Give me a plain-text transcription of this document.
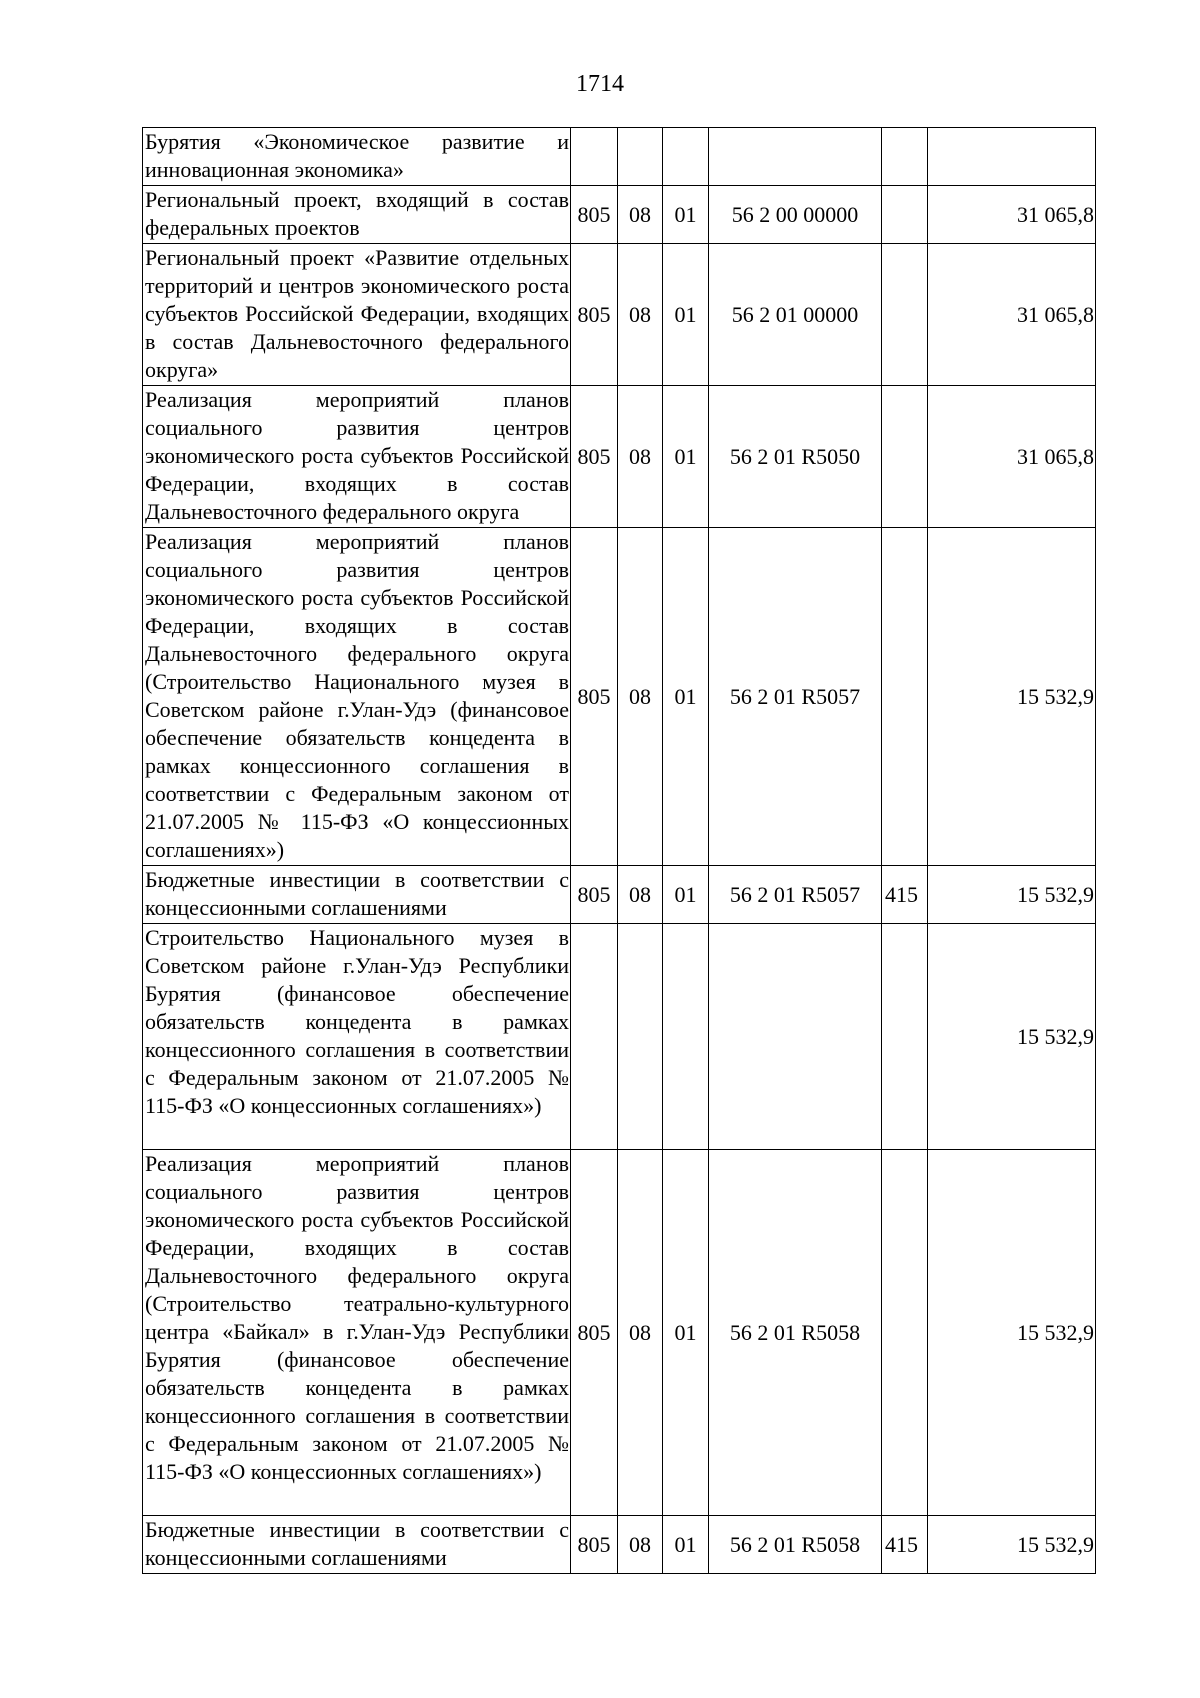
1714
Бурятия «Экономическое развитие и инновационная экономика»						
Региональный проект, входящий в состав федеральных проектов	805	08	01	56 2 00 00000		31 065,8
Региональный проект «Развитие отдельных территорий и центров экономического роста субъектов Российской Федерации, входящих в состав Дальневосточного федерального округа»	805	08	01	56 2 01 00000		31 065,8
Реализация мероприятий планов социального развития центров экономического роста субъектов Российской Федерации, входящих в состав Дальневосточного федерального округа	805	08	01	56 2 01 R5050		31 065,8
Реализация мероприятий планов социального развития центров экономического роста субъектов Российской Федерации, входящих в состав Дальневосточного федерального округа (Строительство Национального музея в Советском районе г.Улан-Удэ (финансовое обеспечение обязательств концедента в рамках концессионного соглашения в соответствии с Федеральным законом от 21.07.2005 № 115-ФЗ «О концессионных соглашениях»)	805	08	01	56 2 01 R5057		15 532,9
Бюджетные инвестиции в соответствии с концессионными соглашениями	805	08	01	56 2 01 R5057	415	15 532,9
Строительство Национального музея в Советском районе г.Улан-Удэ Республики Бурятия (финансовое обеспечение обязательств концедента в рамках концессионного соглашения в соответствии с Федеральным законом от 21.07.2005 № 115-ФЗ «О концессионных соглашениях»)						15 532,9
Реализация мероприятий планов социального развития центров экономического роста субъектов Российской Федерации, входящих в состав Дальневосточного федерального округа (Строительство театрально-культурного центра «Байкал» в г.Улан-Удэ Республики Бурятия (финансовое обеспечение обязательств концедента в рамках концессионного соглашения в соответствии с Федеральным законом от 21.07.2005 № 115-ФЗ «О концессионных соглашениях»)	805	08	01	56 2 01 R5058		15 532,9
Бюджетные инвестиции в соответствии с концессионными соглашениями	805	08	01	56 2 01 R5058	415	15 532,9
